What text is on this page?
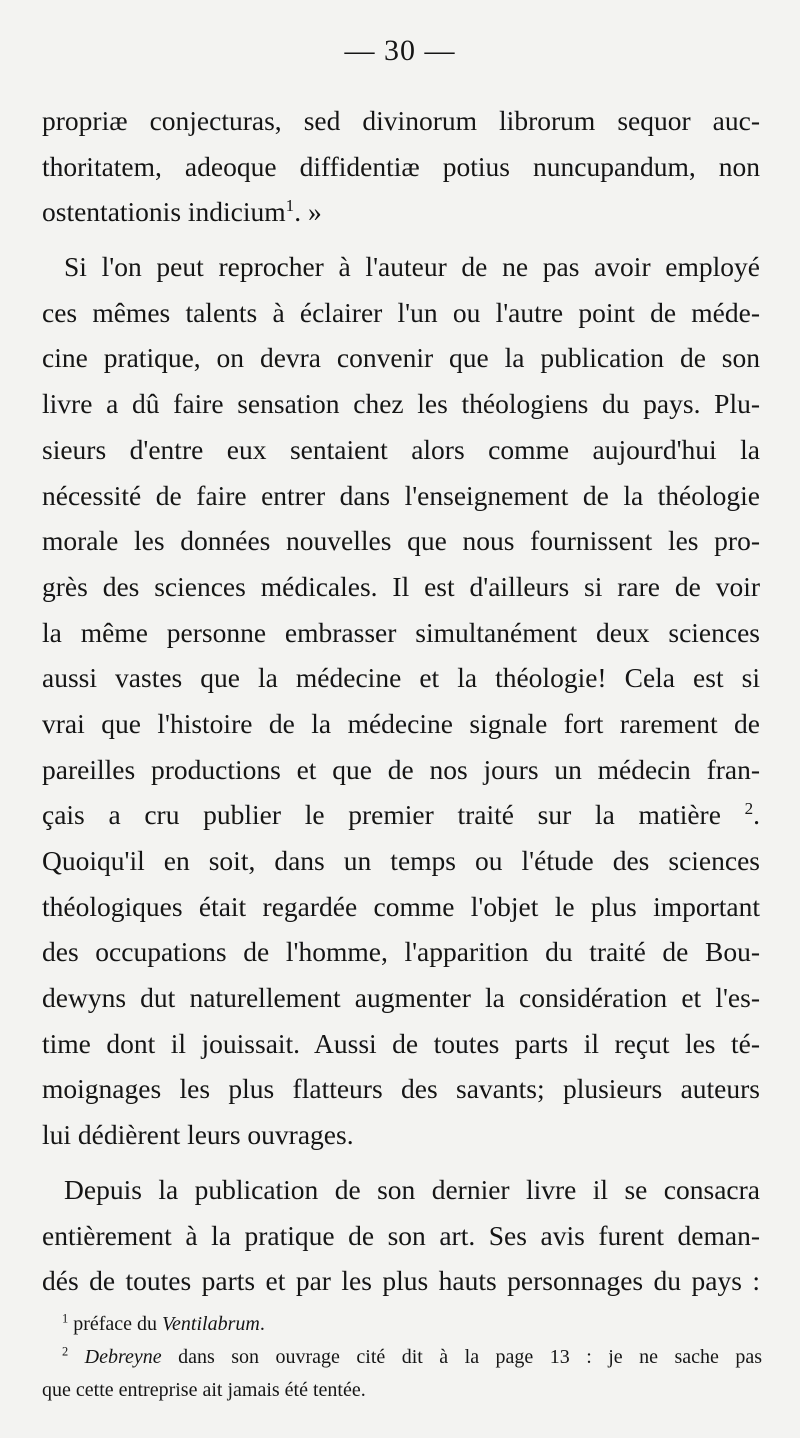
— 30 —
propriæ conjecturas, sed divinorum librorum sequor auc-
thoritatem, adeoque diffidentiæ potius nuncupandum, non
ostentationis indicium$^1$. »
Si l'on peut reprocher à l'auteur de ne pas avoir employé
ces mêmes talents à éclairer l'un ou l'autre point de méde-
cine pratique, on devra convenir que la publication de son
livre a dû faire sensation chez les théologiens du pays. Plu-
sieurs d'entre eux sentaient alors comme aujourd'hui la
nécessité de faire entrer dans l'enseignement de la théologie
morale les données nouvelles que nous fournissent les pro-
grès des sciences médicales. Il est d'ailleurs si rare de voir
la même personne embrasser simultanément deux sciences
aussi vastes que la médecine et la théologie! Cela est si
vrai que l'histoire de la médecine signale fort rarement de
pareilles productions et que de nos jours un médecin fran-
çais a cru publier le premier traité sur la matière $^2$.
Quoiqu'il en soit, dans un temps ou l'étude des sciences
théologiques était regardée comme l'objet le plus important
des occupations de l'homme, l'apparition du traité de Bou-
dewyns dut naturellement augmenter la considération et l'es-
time dont il jouissait. Aussi de toutes parts il reçut les té-
moignages les plus flatteurs des savants; plusieurs auteurs
lui dédièrent leurs ouvrages.
Depuis la publication de son dernier livre il se consacra
entièrement à la pratique de son art. Ses avis furent deman-
dés de toutes parts et par les plus hauts personnages du pays :
$^1$ préface du Ventilabrum.
$^2$ Debreyne dans son ouvrage cité dit à la page 13 : je ne sache pas
que cette entreprise ait jamais été tentée.
